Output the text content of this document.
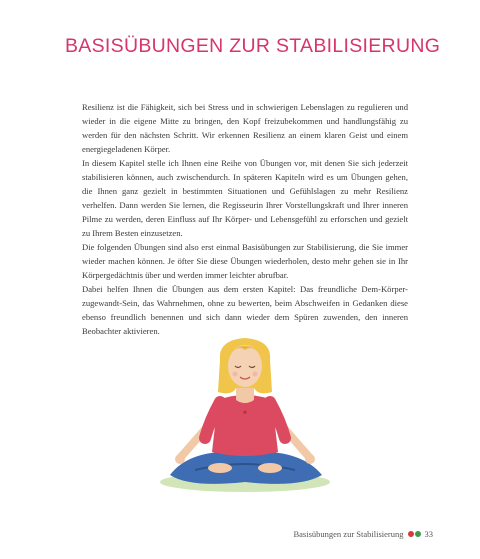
BASISÜBUNGEN ZUR STABILISIERUNG

Resilienz ist die Fähigkeit, sich bei Stress und in schwierigen Lebenslagen zu regulieren und wieder in die eigene Mitte zu bringen, den Kopf freizubekommen und handlungsfähig zu werden für den nächsten Schritt. Wir erkennen Resilienz an einem klaren Geist und einem energiegeladenen Körper.

In diesem Kapitel stelle ich Ihnen eine Reihe von Übungen vor, mit denen Sie sich jederzeit stabilisieren können, auch zwischendurch. In späteren Kapiteln wird es um Übungen gehen, die Ihnen ganz gezielt in bestimmten Situationen und Gefühlslagen zu mehr Resilienz verhelfen. Dann werden Sie lernen, die Regisseurin Ihrer Vorstellungskraft und Ihrer inneren Pilme zu werden, deren Einfluss auf Ihr Körper- und Lebensgefühl zu erforschen und gezielt zu Ihrem Besten einzusetzen.

Die folgenden Übungen sind also erst einmal Basisübungen zur Stabilisierung, die Sie immer wieder machen können. Je öfter Sie diese Übungen wiederholen, desto mehr gehen sie in Ihr Körpergedächtnis über und werden immer leichter abrufbar.

Dabei helfen Ihnen die Übungen aus dem ersten Kapitel: Das freundliche Dem-Körper-zugewandt-Sein, das Wahrnehmen, ohne zu bewerten, beim Abschweifen in Gedanken diese ebenso freundlich benennen und sich dann wieder dem Spüren zuwenden, den inneren Beobachter aktivieren.

Basisübungen zur Stabilisierung 33
